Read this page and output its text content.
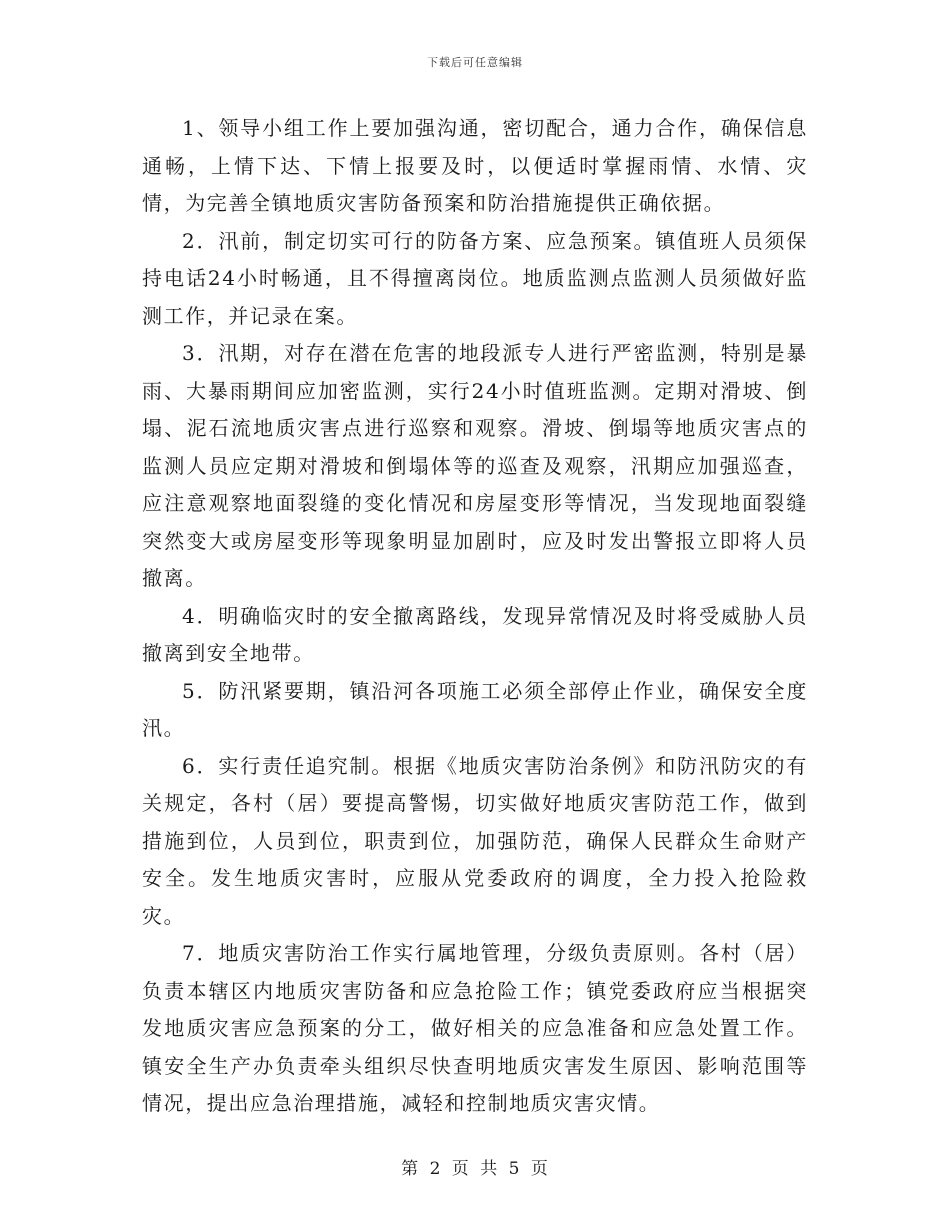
下载后可任意编辑

1、领导小组工作上要加强沟通，密切配合，通力合作，确保信息通畅，上情下达、下情上报要及时，以便适时掌握雨情、水情、灾情，为完善全镇地质灾害防备预案和防治措施提供正确依据。

2．汛前，制定切实可行的防备方案、应急预案。镇值班人员须保持电话24小时畅通，且不得擅离岗位。地质监测点监测人员须做好监测工作，并记录在案。

3．汛期，对存在潜在危害的地段派专人进行严密监测，特别是暴雨、大暴雨期间应加密监测，实行24小时值班监测。定期对滑坡、倒塌、泥石流地质灾害点进行巡察和观察。滑坡、倒塌等地质灾害点的监测人员应定期对滑坡和倒塌体等的巡查及观察，汛期应加强巡查，应注意观察地面裂缝的变化情况和房屋变形等情况，当发现地面裂缝突然变大或房屋变形等现象明显加剧时，应及时发出警报立即将人员撤离。

4．明确临灾时的安全撤离路线，发现异常情况及时将受威胁人员撤离到安全地带。

5．防汛紧要期，镇沿河各项施工必须全部停止作业，确保安全度汛。

6．实行责任追究制。根据《地质灾害防治条例》和防汛防灾的有关规定，各村（居）要提高警惕，切实做好地质灾害防范工作，做到措施到位，人员到位，职责到位，加强防范，确保人民群众生命财产安全。发生地质灾害时，应服从党委政府的调度，全力投入抢险救灾。

7．地质灾害防治工作实行属地管理，分级负责原则。各村（居）负责本辖区内地质灾害防备和应急抢险工作；镇党委政府应当根据突发地质灾害应急预案的分工，做好相关的应急准备和应急处置工作。镇安全生产办负责牵头组织尽快查明地质灾害发生原因、影响范围等情况，提出应急治理措施，减轻和控制地质灾害灾情。

第 2 页 共 5 页
